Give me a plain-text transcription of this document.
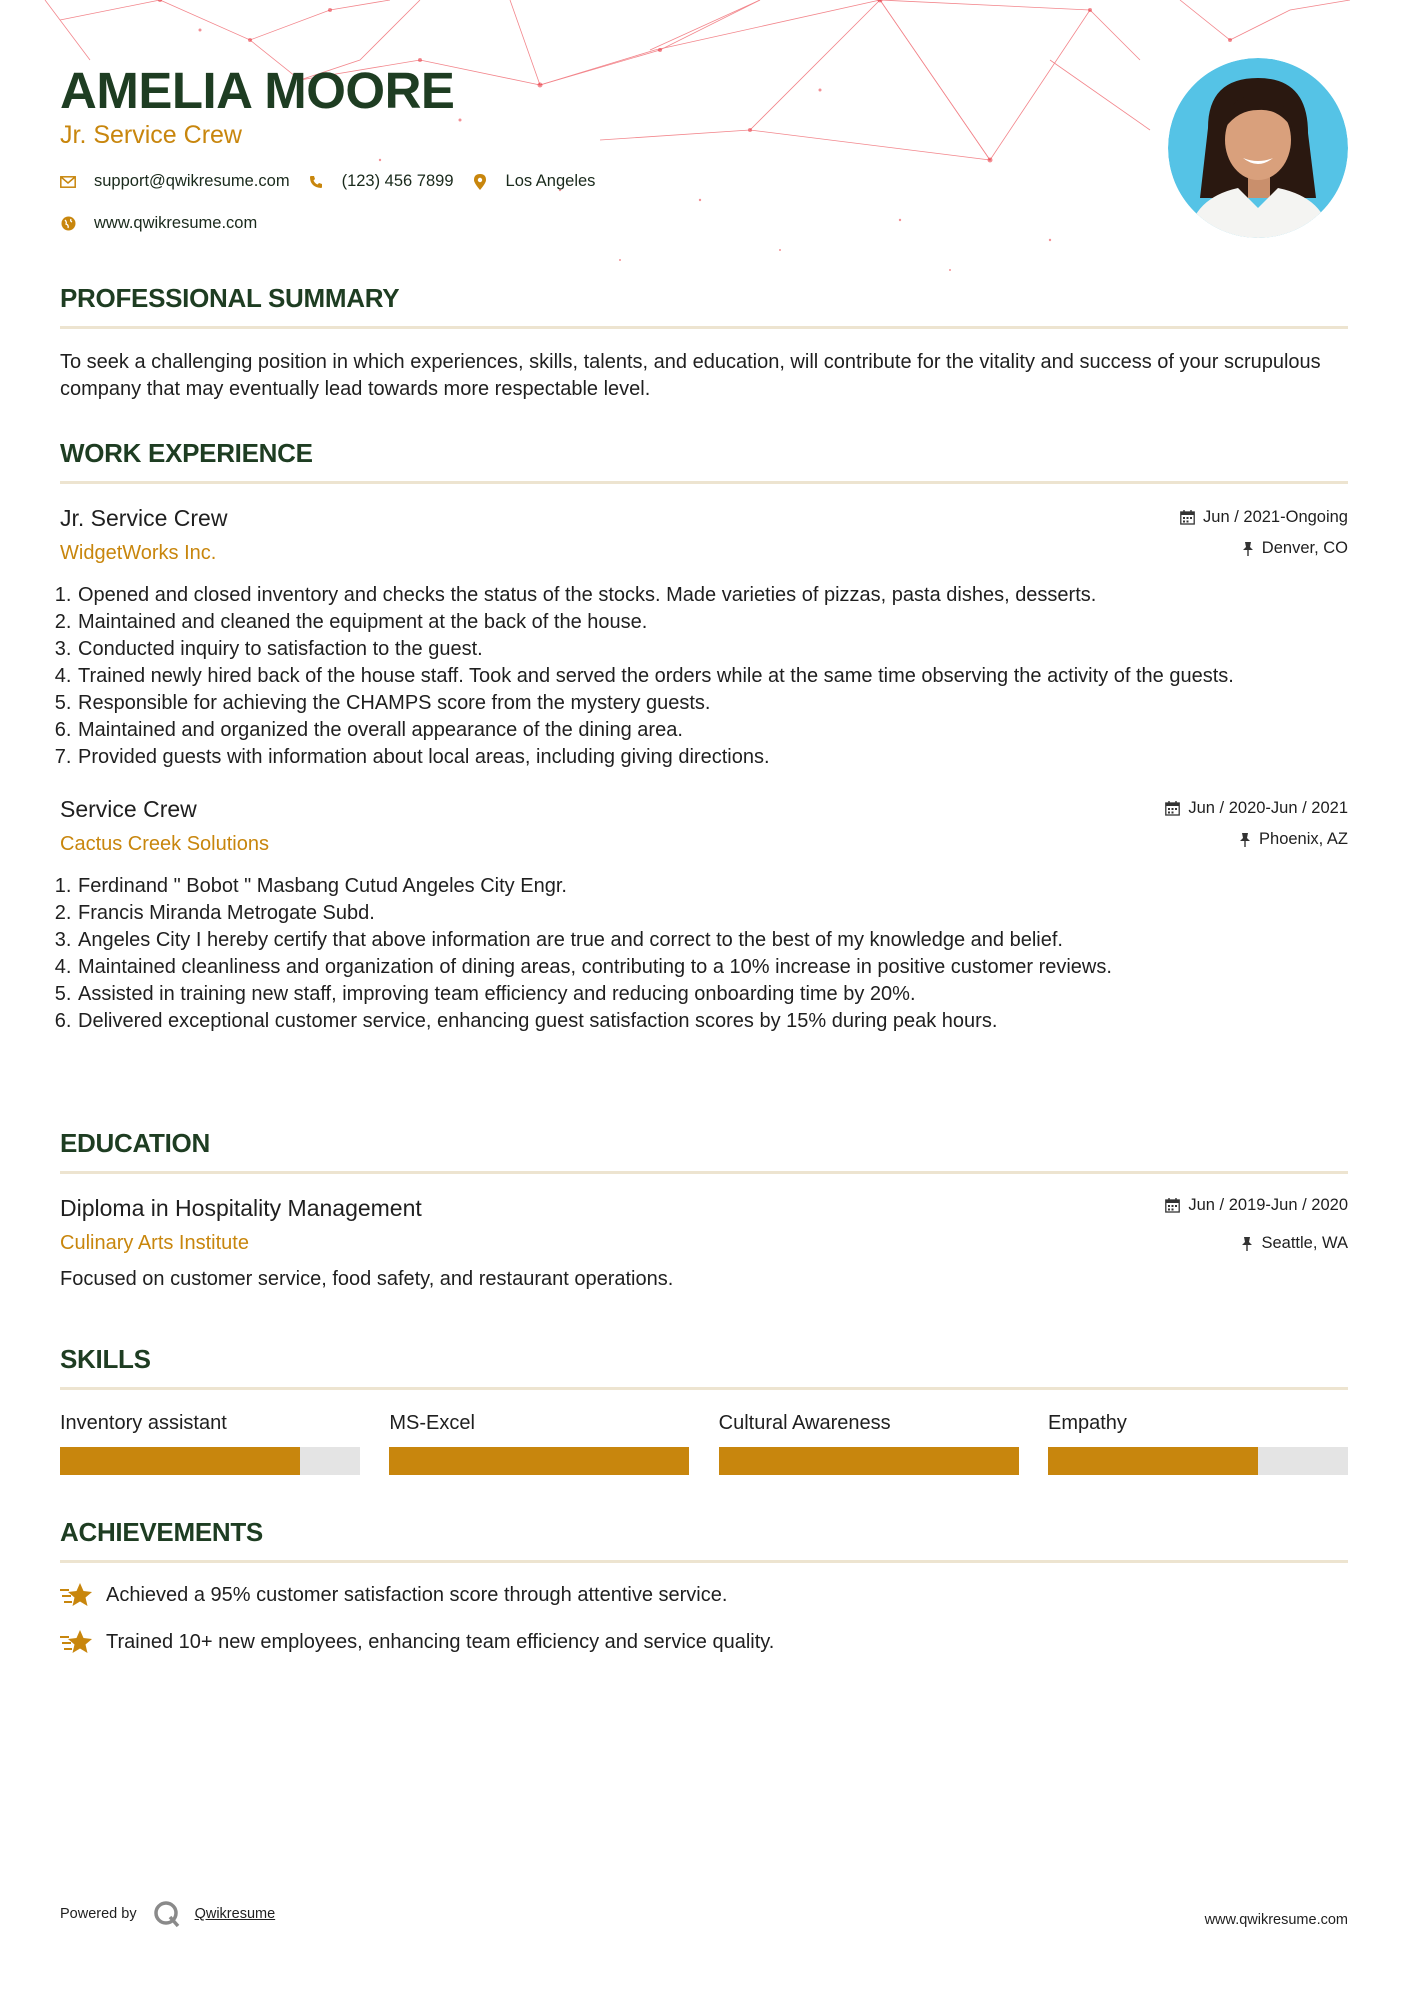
AMELIA MOORE
Jr. Service Crew
support@qwikresume.com	(123) 456 7899	Los Angeles
www.qwikresume.com
PROFESSIONAL SUMMARY

To seek a challenging position in which experiences, skills, talents, and education, will contribute for the vitality and success of your scrupulous company that may eventually lead towards more respectable level.

WORK EXPERIENCE
Jr. Service Crew
WidgetWorks Inc.
Jun / 2021-Ongoing
Denver, CO
1. Opened and closed inventory and checks the status of the stocks. Made varieties of pizzas, pasta dishes, desserts.
2. Maintained and cleaned the equipment at the back of the house.
3. Conducted inquiry to satisfaction to the guest.
4. Trained newly hired back of the house staff. Took and served the orders while at the same time observing the activity of the guests.
5. Responsible for achieving the CHAMPS score from the mystery guests.
6. Maintained and organized the overall appearance of the dining area.
7. Provided guests with information about local areas, including giving directions.
Service Crew
Cactus Creek Solutions
Jun / 2020-Jun / 2021
Phoenix, AZ
1. Ferdinand " Bobot " Masbang Cutud Angeles City Engr.
2. Francis Miranda Metrogate Subd.
3. Angeles City I hereby certify that above information are true and correct to the best of my knowledge and belief.
4. Maintained cleanliness and organization of dining areas, contributing to a 10% increase in positive customer reviews.
5. Assisted in training new staff, improving team efficiency and reducing onboarding time by 20%.
6. Delivered exceptional customer service, enhancing guest satisfaction scores by 15% during peak hours.
EDUCATION
Diploma in Hospitality Management
Culinary Arts Institute
Jun / 2019-Jun / 2020
Seattle, WA

Focused on customer service, food safety, and restaurant operations.

SKILLS
Inventory assistant	MS-Excel	Cultural Awareness	Empathy
ACHIEVEMENTS
Achieved a 95% customer satisfaction score through attentive service.
Trained 10+ new employees, enhancing team efficiency and service quality.
Powered by	Qwikresume	www.qwikresume.com
